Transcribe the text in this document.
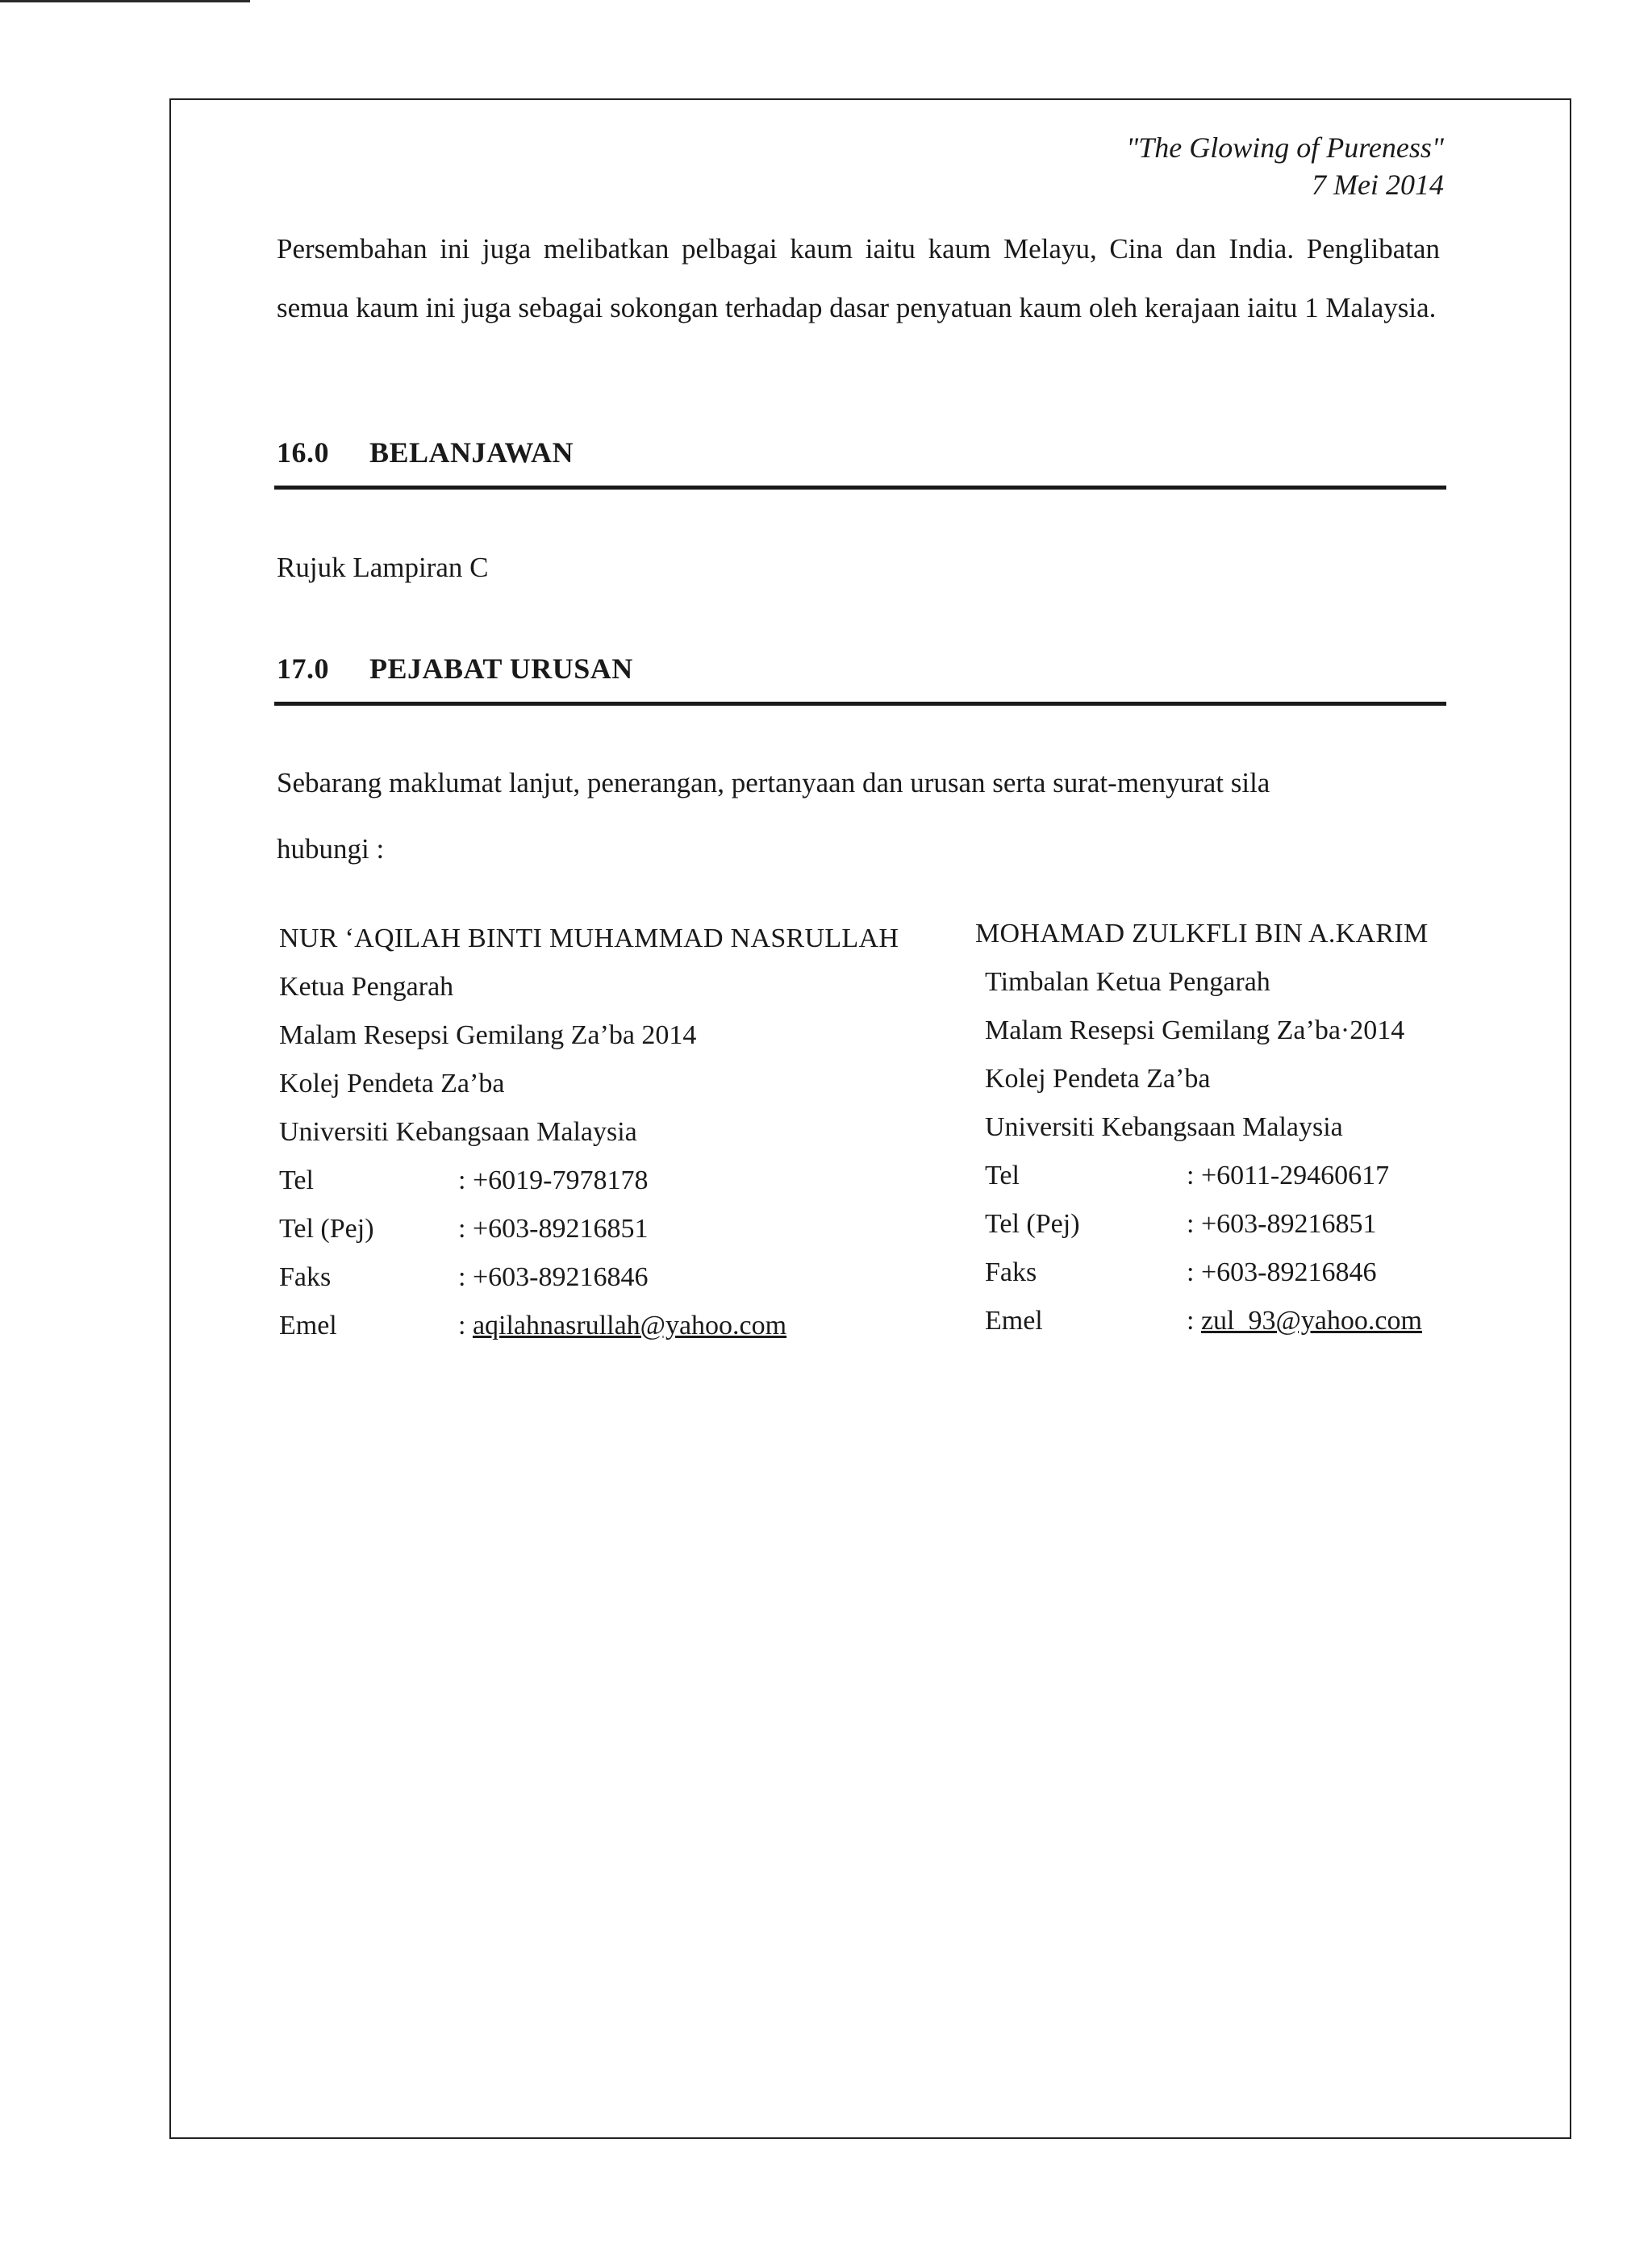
"The Glowing of Pureness"
7 Mei 2014
Persembahan ini juga melibatkan pelbagai kaum iaitu kaum Melayu, Cina dan India. Penglibatan semua kaum ini juga sebagai sokongan terhadap dasar penyatuan kaum oleh kerajaan iaitu 1 Malaysia.
16.0 BELANJAWAN
Rujuk Lampiran C
17.0 PEJABAT URUSAN
Sebarang maklumat lanjut, penerangan, pertanyaan dan urusan serta surat-menyurat sila
hubungi :
NUR ‘AQILAH BINTI MUHAMMAD NASRULLAH
Ketua Pengarah
Malam Resepsi Gemilang Za’ba 2014
Kolej Pendeta Za’ba
Universiti Kebangsaan Malaysia
Tel	: +6019-7978178
Tel (Pej)	: +603-89216851
Faks	: +603-89216846
Emel	: aqilahnasrullah@yahoo.com
MOHAMAD ZULKFLI BIN A.KARIM
Timbalan Ketua Pengarah
Malam Resepsi Gemilang Za’ba·2014
Kolej Pendeta Za’ba
Universiti Kebangsaan Malaysia
Tel	: +6011-29460617
Tel (Pej)	: +603-89216851
Faks	: +603-89216846
Emel	: zul_93@yahoo.com
